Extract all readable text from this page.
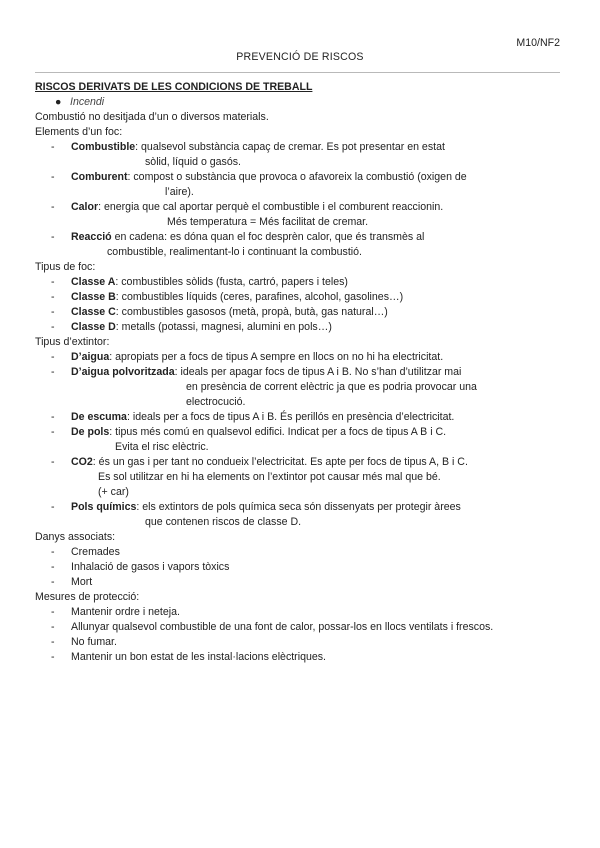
M10/NF2
PREVENCIÓ DE RISCOS
RISCOS DERIVATS DE LES CONDICIONS DE TREBALL
● Incendi
Combustió no desitjada d’un o diversos materials.
Elements d’un foc:
- Combustible: qualsevol substància capaç de cremar. Es pot presentar en estat
sòlid, líquid o gasós.
- Comburent: compost o substància que provoca o afavoreix la combustió (oxigen de
l’aire).
- Calor: energia que cal aportar perquè el combustible i el comburent reaccionin.
Més temperatura = Més facilitat de cremar.
- Reacció en cadena: es dóna quan el foc desprèn calor, que és transmès al
combustible, realimentant-lo i continuant la combustió.
Tipus de foc:
- Classe A: combustibles sòlids (fusta, cartró, papers i teles)
- Classe B: combustibles líquids (ceres, parafines, alcohol, gasolines…)
- Classe C: combustibles gasosos (metà, propà, butà, gas natural…)
- Classe D: metalls (potassi, magnesi, alumini en pols…)
Tipus d’extintor:
- D’aigua: apropiats per a focs de tipus A sempre en llocs on no hi ha electricitat.
- D’aigua polvoritzada: ideals per apagar focs de tipus A i B. No s’han d’utilitzar mai
en presència de corrent elèctric ja que es podria provocar una
electrocució.
- De escuma: ideals per a focs de tipus A i B. És perillós en presència d’electricitat.
- De pols: tipus més comú en qualsevol edifici. Indicat per a focs de tipus A B i C.
Evita el risc elèctric.
- CO2: és un gas i per tant no condueix l’electricitat. Es apte per focs de tipus A, B i C.
Es sol utilitzar en hi ha elements on l’extintor pot causar més mal que bé.
(+ car)
- Pols químics: els extintors de pols química seca són dissenyats per protegir àrees
que contenen riscos de classe D.
Danys associats:
- Cremades
- Inhalació de gasos i vapors tòxics
- Mort
Mesures de protecció:
- Mantenir ordre i neteja.
- Allunyar qualsevol combustible de una font de calor, possar-los en llocs ventilats i frescos.
- No fumar.
- Mantenir un bon estat de les instal·lacions elèctriques.
